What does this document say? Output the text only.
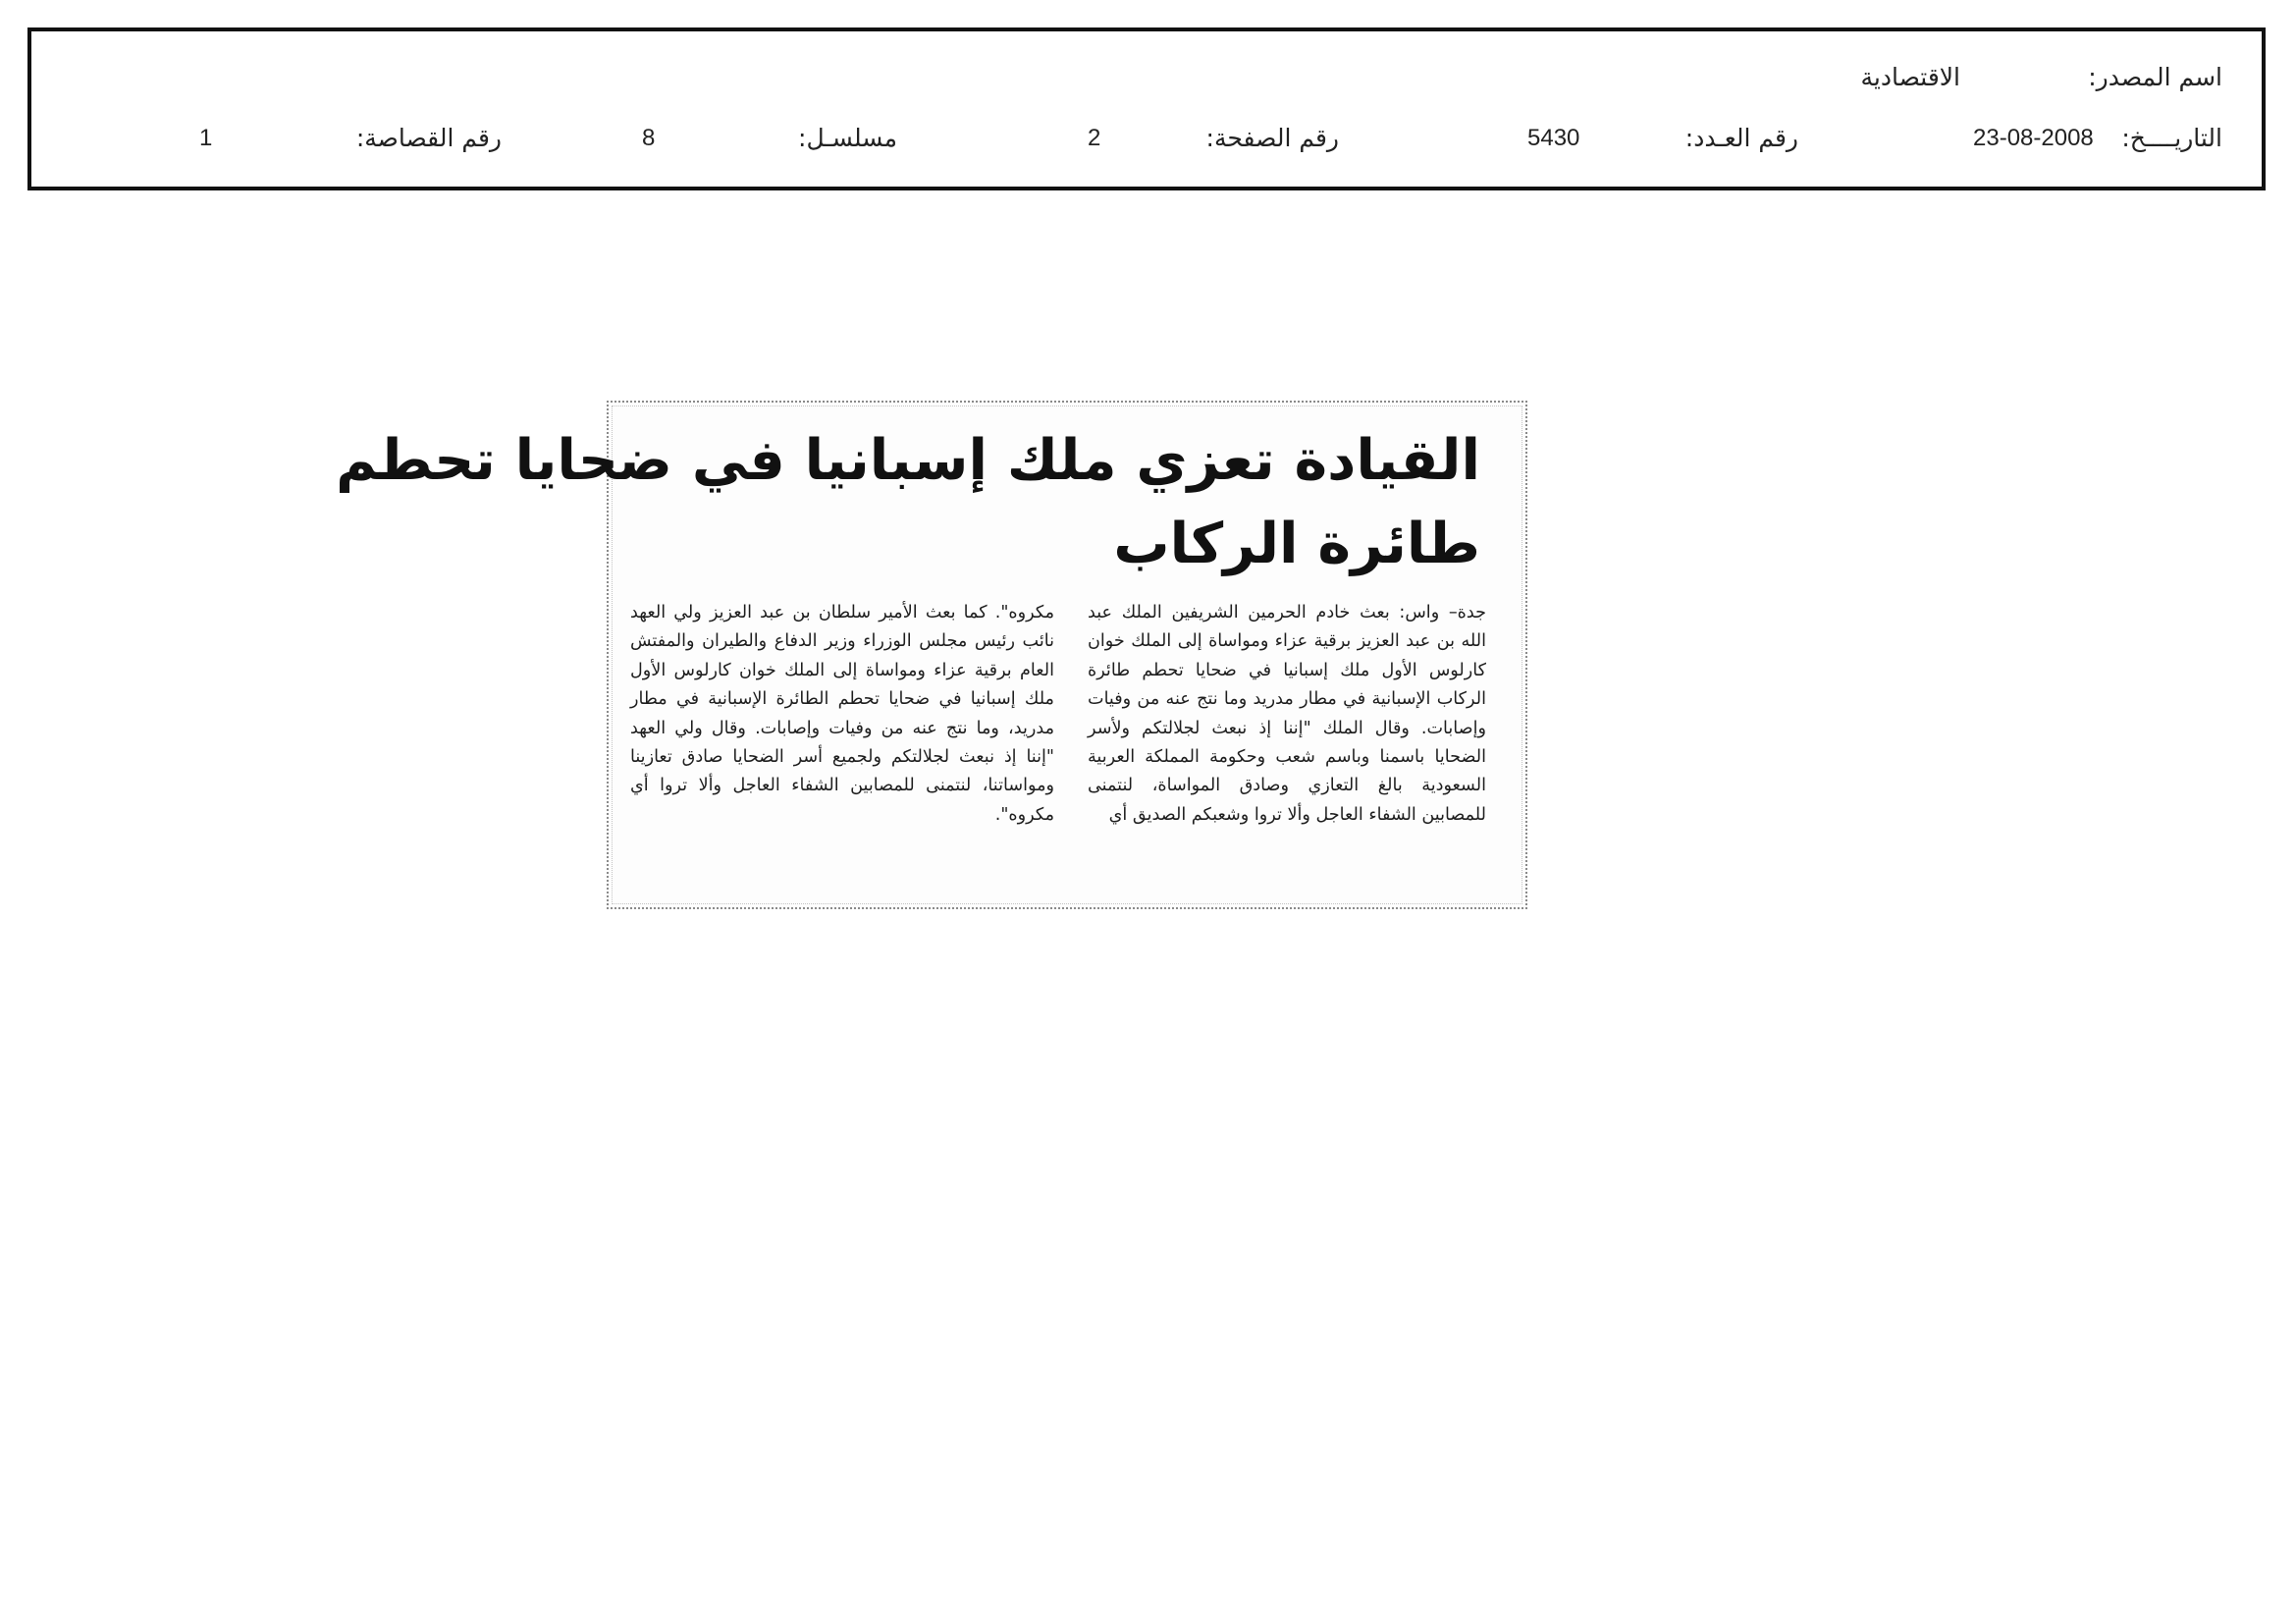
اسم المصدر:
الاقتصادية
التاريــــخ:
23-08-2008
رقم العـدد:
5430
رقم الصفحة:
2
مسلسـل:
8
رقم القصاصة:
1
القيادة تعزي ملك إسبانيا في ضحايا تحطم
طائرة الركاب
جدة– واس: بعث خادم الحرمين الشريفين الملك عبد الله بن عبد العزيز برقية عزاء ومواساة إلى الملك خوان كارلوس الأول ملك إسبانيا في ضحايا تحطم طائرة الركاب الإسبانية في مطار مدريد وما نتج عنه من وفيات وإصابات. وقال الملك "إننا إذ نبعث لجلالتكم ولأسر الضحايا باسمنا وباسم شعب وحكومة المملكة العربية السعودية بالغ التعازي وصادق المواساة، لنتمنى للمصابين الشفاء العاجل وألا تروا وشعبكم الصديق أي
مكروه". كما بعث الأمير سلطان بن عبد العزيز ولي العهد نائب رئيس مجلس الوزراء وزير الدفاع والطيران والمفتش العام برقية عزاء ومواساة إلى الملك خوان كارلوس الأول ملك إسبانيا في ضحايا تحطم الطائرة الإسبانية في مطار مدريد، وما نتج عنه من وفيات وإصابات. وقال ولي العهد "إننا إذ نبعث لجلالتكم ولجميع أسر الضحايا صادق تعازينا ومواساتنا، لنتمنى للمصابين الشفاء العاجل وألا تروا أي مكروه".
